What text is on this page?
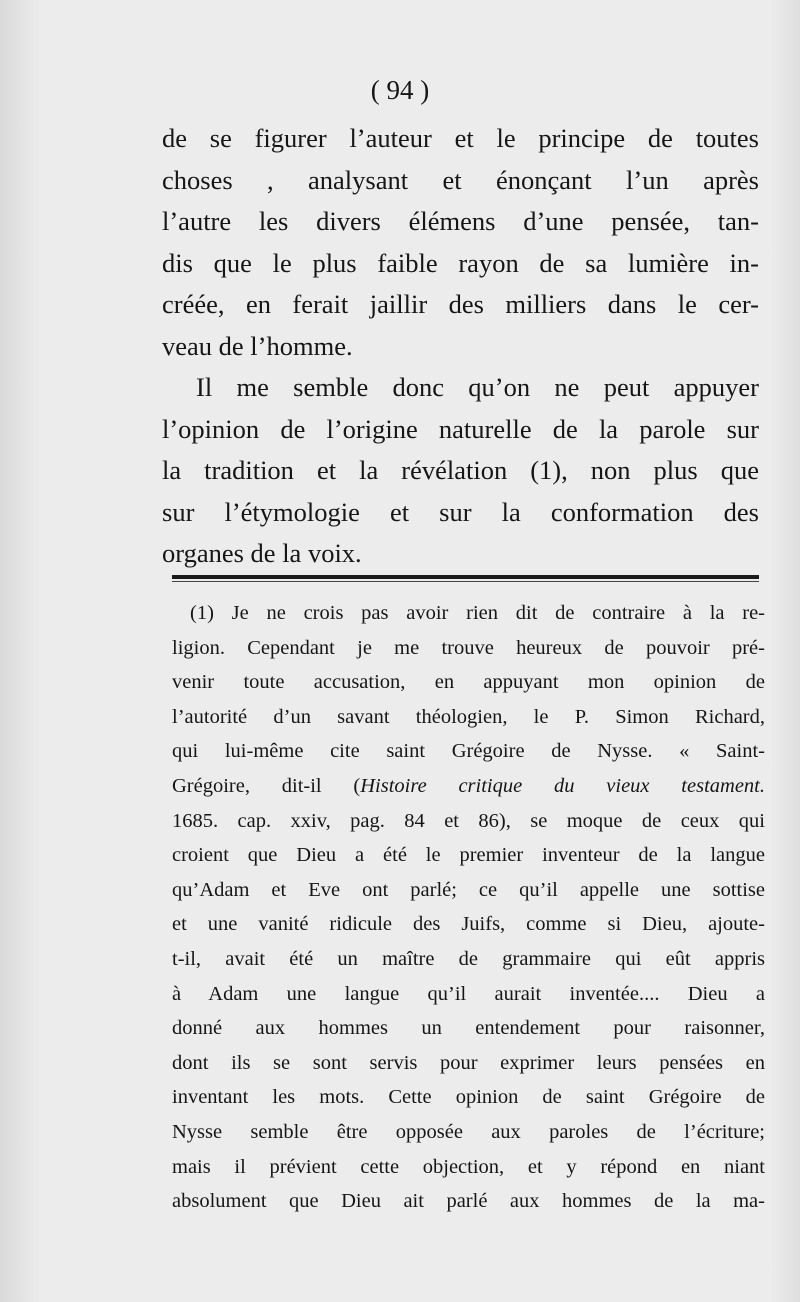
( 94 )
de se figurer l’auteur et le principe de toutes
choses , analysant et énonçant l’un après
l’autre les divers élémens d’une pensée, tan-
dis que le plus faible rayon de sa lumière in-
créée, en ferait jaillir des milliers dans le cer-
veau de l’homme.
Il me semble donc qu’on ne peut appuyer
l’opinion de l’origine naturelle de la parole sur
la tradition et la révélation (1), non plus que
sur l’étymologie et sur la conformation des
organes de la voix.
(1) Je ne crois pas avoir rien dit de contraire à la re-
ligion. Cependant je me trouve heureux de pouvoir pré-
venir toute accusation, en appuyant mon opinion de
l’autorité d’un savant théologien, le P. Simon Richard,
qui lui-même cite saint Grégoire de Nysse. « Saint-
Grégoire, dit-il (Histoire critique du vieux testament.
1685. cap. xxiv, pag. 84 et 86), se moque de ceux qui
croient que Dieu a été le premier inventeur de la langue
qu’Adam et Eve ont parlé; ce qu’il appelle une sottise
et une vanité ridicule des Juifs, comme si Dieu, ajoute-
t-il, avait été un maître de grammaire qui eût appris
à Adam une langue qu’il aurait inventée.... Dieu a
donné aux hommes un entendement pour raisonner,
dont ils se sont servis pour exprimer leurs pensées en
inventant les mots. Cette opinion de saint Grégoire de
Nysse semble être opposée aux paroles de l’écriture;
mais il prévient cette objection, et y répond en niant
absolument que Dieu ait parlé aux hommes de la ma-
